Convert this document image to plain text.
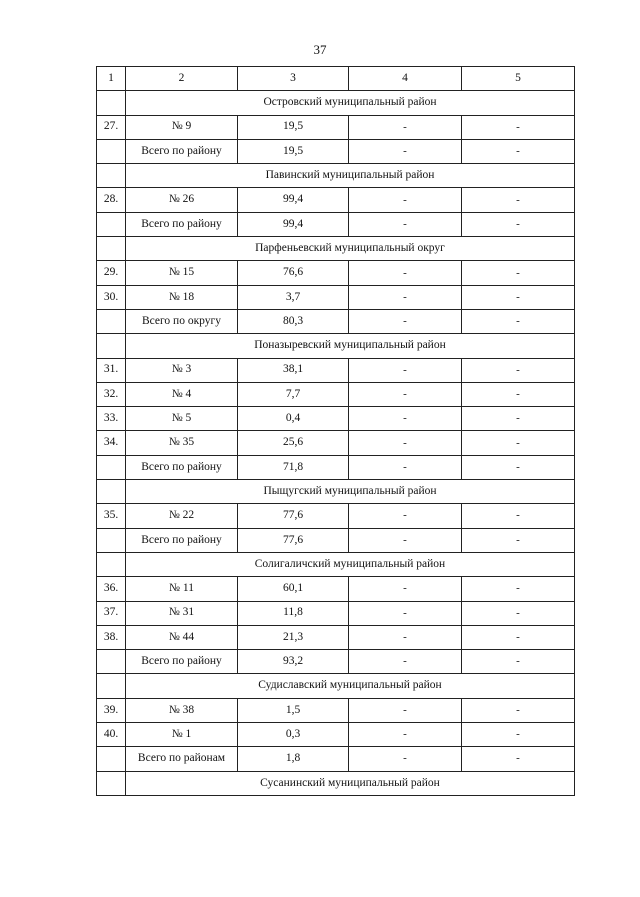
37
1	2	3	4	5
	Островский муниципальный район			
27.	№ 9	19,5	-	-
	Всего по району	19,5	-	-
	Павинский муниципальный район			
28.	№ 26	99,4	-	-
	Всего по району	99,4	-	-
	Парфеньевский муниципальный округ			
29.	№ 15	76,6	-	-
30.	№ 18	3,7	-	-
	Всего по округу	80,3	-	-
	Поназыревский муниципальный район			
31.	№ 3	38,1	-	-
32.	№ 4	7,7	-	-
33.	№ 5	0,4	-	-
34.	№ 35	25,6	-	-
	Всего по району	71,8	-	-
	Пыщугский муниципальный район			
35.	№ 22	77,6	-	-
	Всего по району	77,6	-	-
	Солигаличский муниципальный район			
36.	№ 11	60,1	-	-
37.	№ 31	11,8	-	-
38.	№ 44	21,3	-	-
	Всего по району	93,2	-	-
	Судиславский муниципальный район			
39.	№ 38	1,5	-	-
40.	№ 1	0,3	-	-
	Всего по районам	1,8	-	-
	Сусанинский муниципальный район			
